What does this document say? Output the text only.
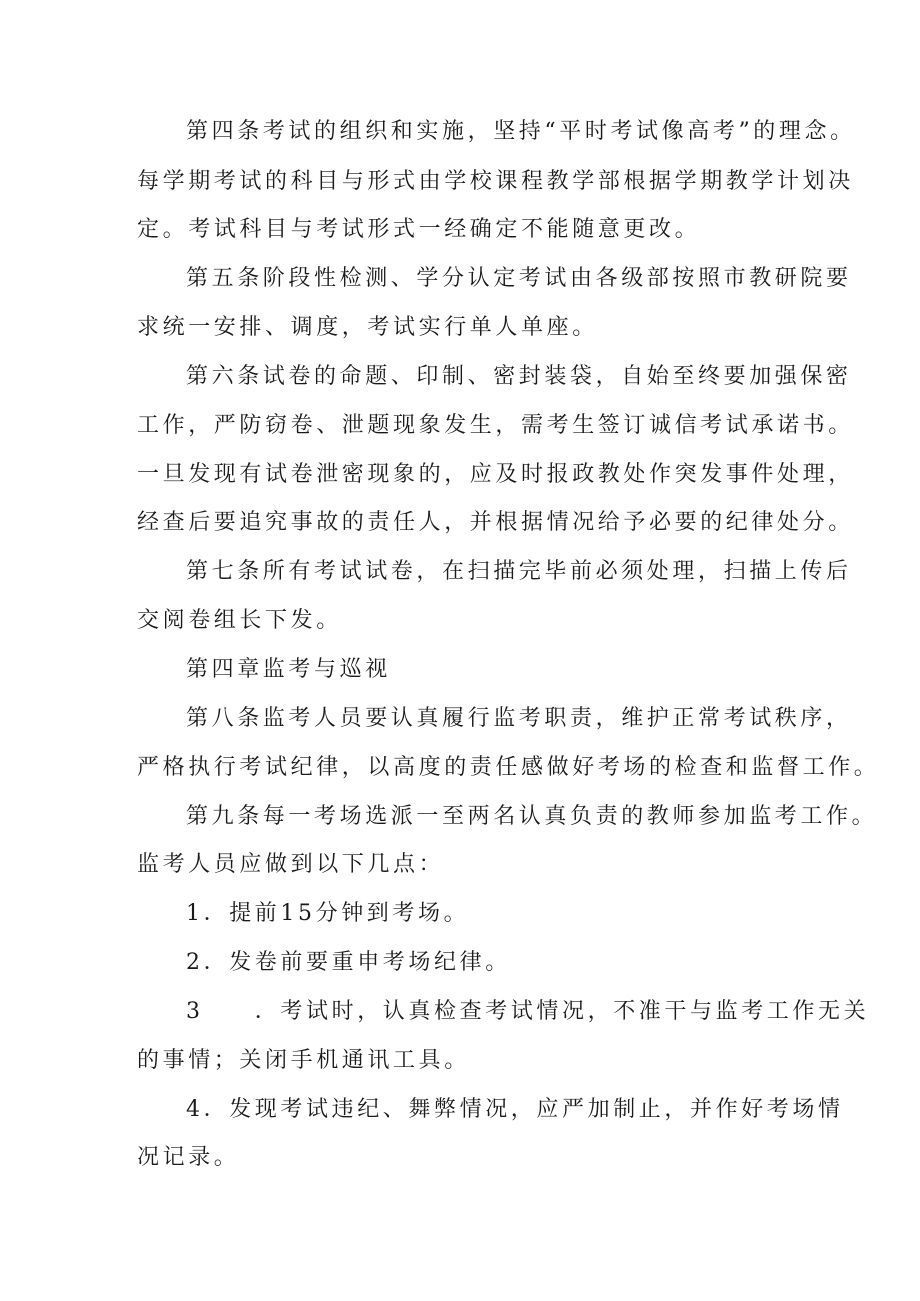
第四条考试的组织和实施，坚持“平时考试像高考”的理念。
每学期考试的科目与形式由学校课程教学部根据学期教学计划决
定。考试科目与考试形式一经确定不能随意更改。
第五条阶段性检测、学分认定考试由各级部按照市教研院要
求统一安排、调度，考试实行单人单座。
第六条试卷的命题、印制、密封装袋，自始至终要加强保密
工作，严防窃卷、泄题现象发生，需考生签订诚信考试承诺书。
一旦发现有试卷泄密现象的，应及时报政教处作突发事件处理，
经查后要追究事故的责任人，并根据情况给予必要的纪律处分。
第七条所有考试试卷，在扫描完毕前必须处理，扫描上传后
交阅卷组长下发。
第四章监考与巡视
第八条监考人员要认真履行监考职责，维护正常考试秩序，
严格执行考试纪律，以高度的责任感做好考场的检查和监督工作。
第九条每一考场选派一至两名认真负责的教师参加监考工作。
监考人员应做到以下几点：
1．提前15分钟到考场。
2．发卷前要重申考场纪律。
3　　．考试时，认真检查考试情况，不准干与监考工作无关
的事情；关闭手机通讯工具。
4．发现考试违纪、舞弊情况，应严加制止，并作好考场情
况记录。
